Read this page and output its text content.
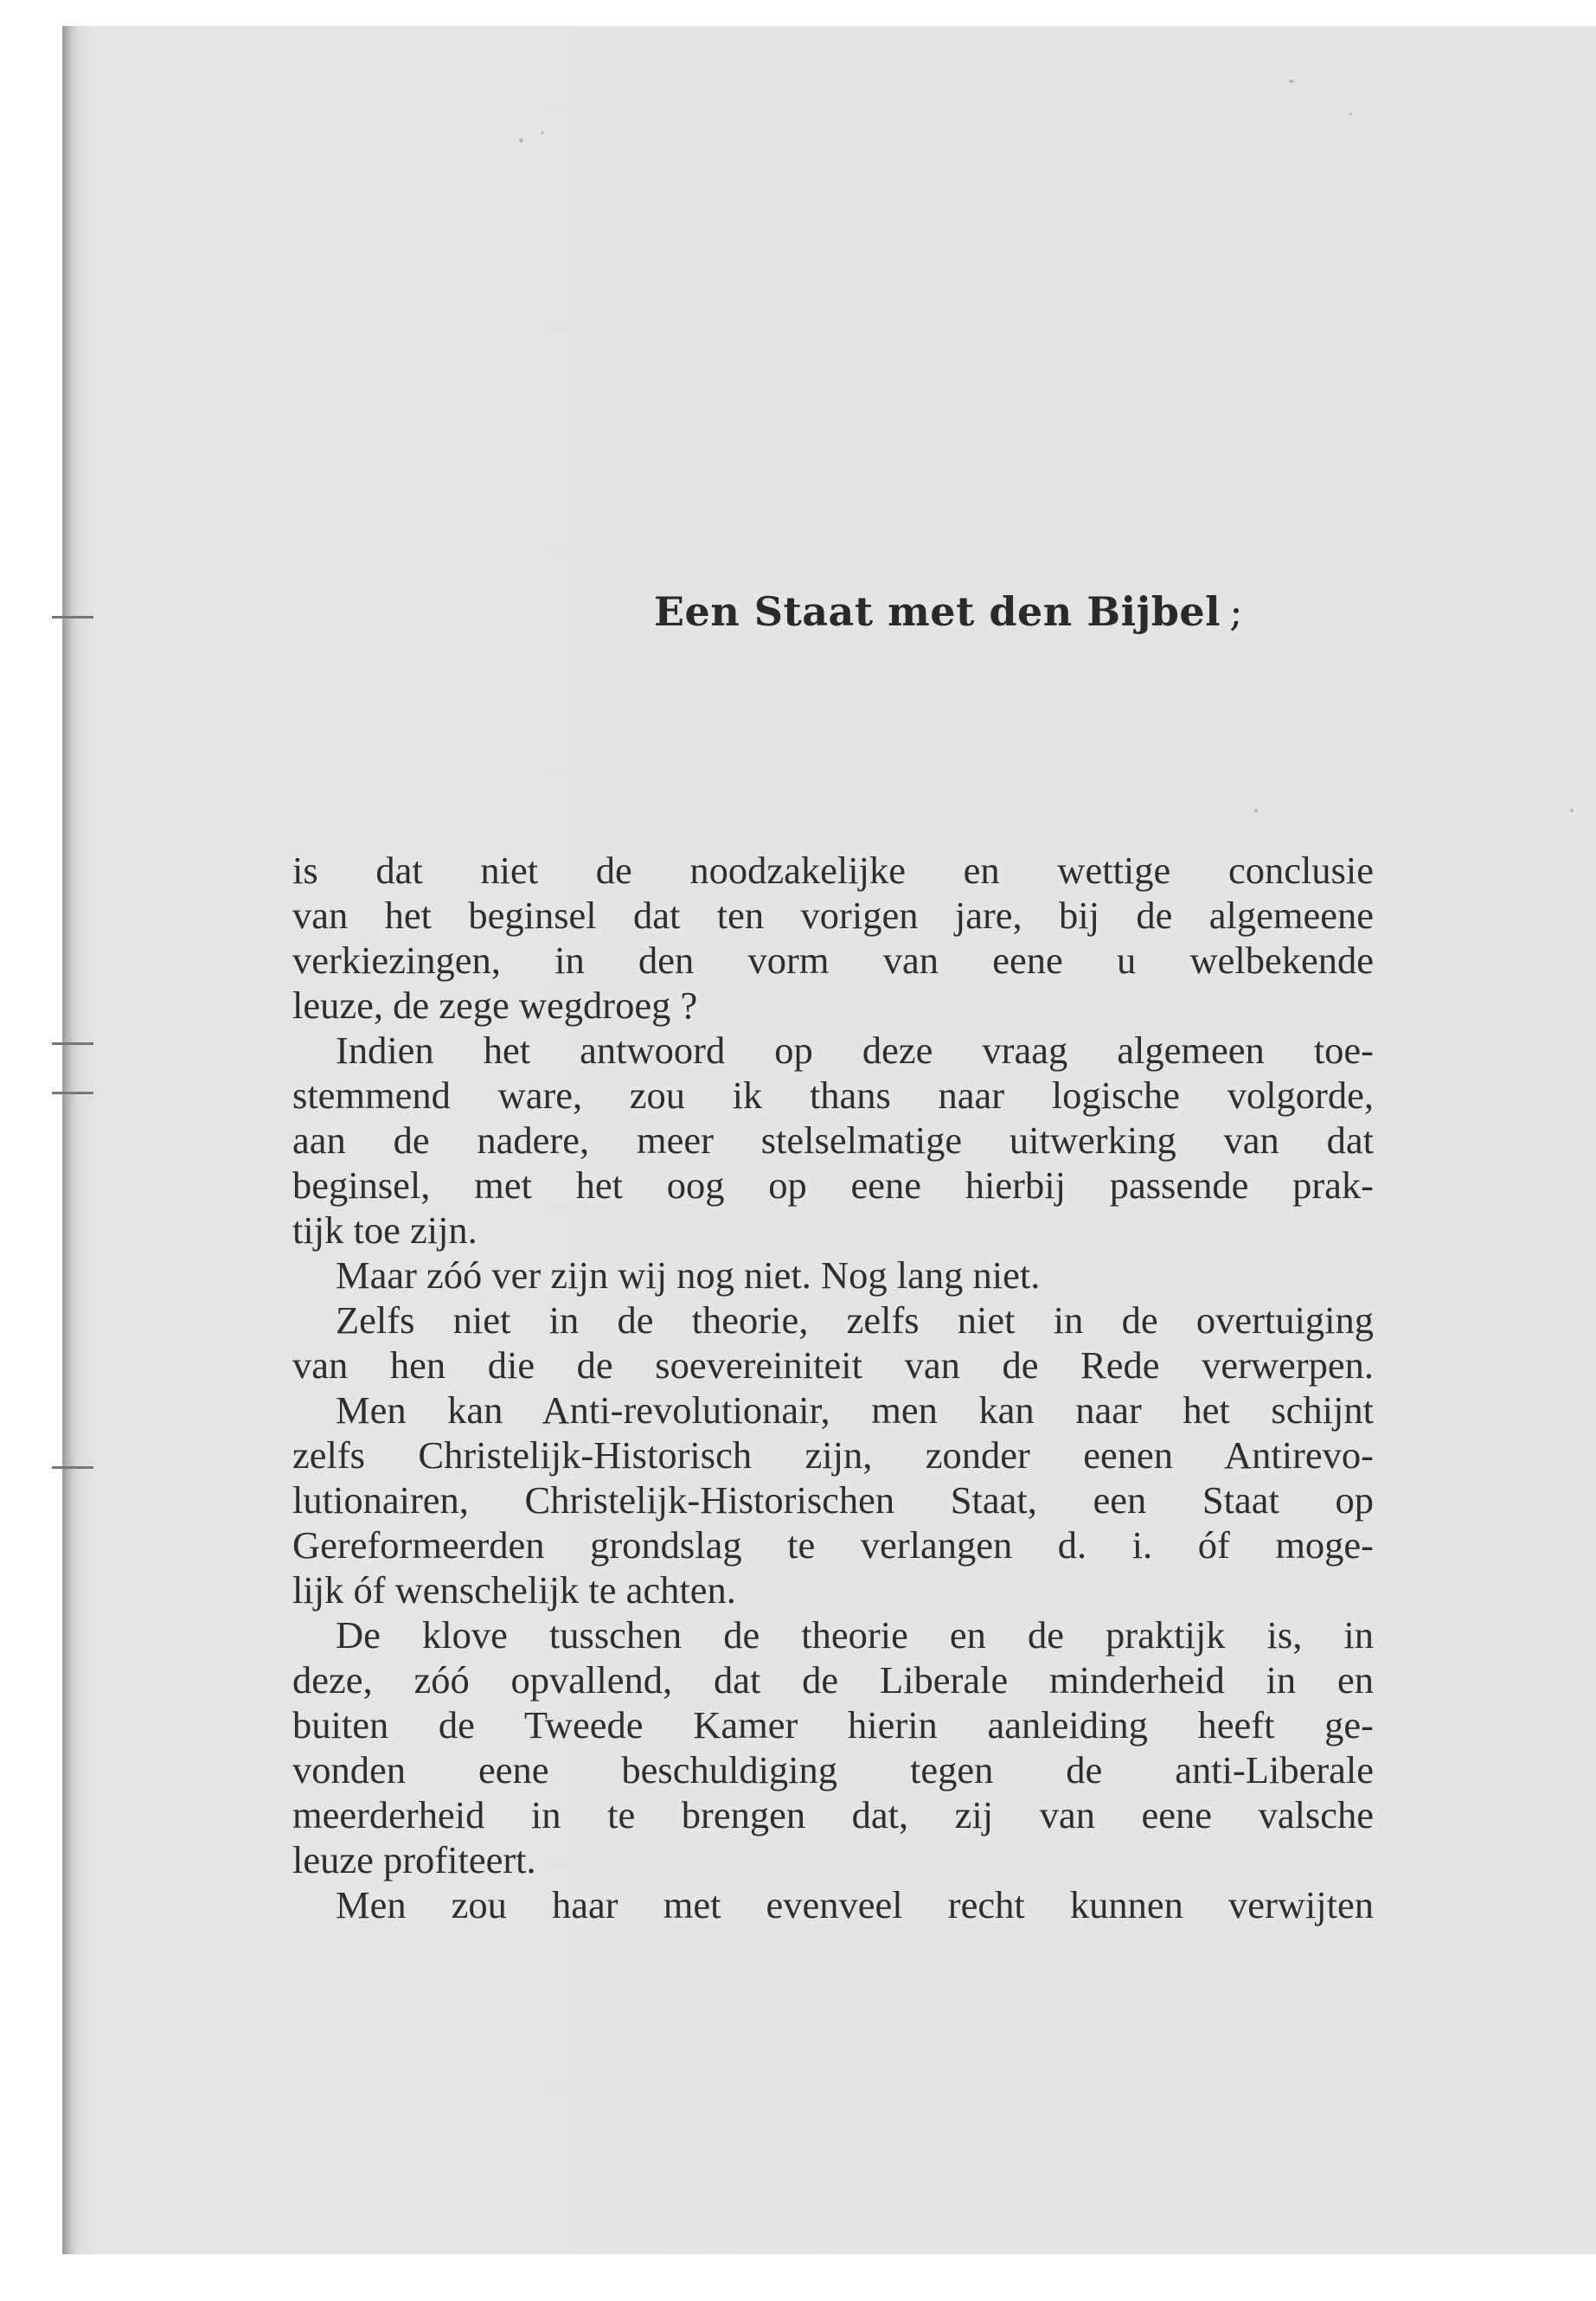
Een Staat met den Bijbel ;
is dat niet de noodzakelijke en wettige conclusie
van het beginsel dat ten vorigen jare, bij de algemeene
verkiezingen, in den vorm van eene u welbekende
leuze, de zege wegdroeg ?
Indien het antwoord op deze vraag algemeen toe-
stemmend ware, zou ik thans naar logische volgorde,
aan de nadere, meer stelselmatige uitwerking van dat
beginsel, met het oog op eene hierbij passende prak-
tijk toe zijn.
Maar zóó ver zijn wij nog niet. Nog lang niet.
Zelfs niet in de theorie, zelfs niet in de overtuiging
van hen die de soevereiniteit van de Rede verwerpen.
Men kan Anti-revolutionair, men kan naar het schijnt
zelfs Christelijk-Historisch zijn, zonder eenen Antirevo-
lutionairen, Christelijk-Historischen Staat, een Staat op
Gereformeerden grondslag te verlangen d. i. óf moge-
lijk óf wenschelijk te achten.
De klove tusschen de theorie en de praktijk is, in
deze, zóó opvallend, dat de Liberale minderheid in en
buiten de Tweede Kamer hierin aanleiding heeft ge-
vonden eene beschuldiging tegen de anti-Liberale
meerderheid in te brengen dat, zij van eene valsche
leuze profiteert.
Men zou haar met evenveel recht kunnen verwijten
